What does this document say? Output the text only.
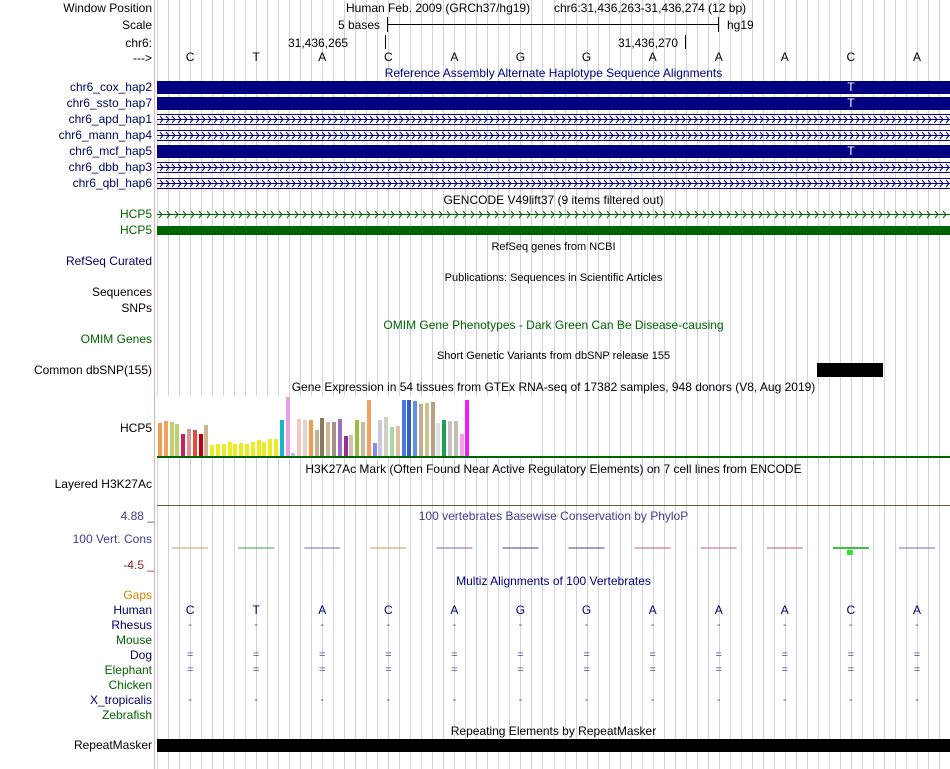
Window Position	Human Feb. 2009 (GRCh37/hg19) chr6:31,436,263-31,436,274 (12 bp)
Scale	5 bases	hg19
chr6:	31,436,265	31,436,270
--->	C	T	A	C	A	G	G	A	A	A	C	A
Reference Assembly Alternate Haplotype Sequence Alignments
chr6_cox_hap2	T
chr6_ssto_hap7	T
chr6_apd_hap1
chr6_mann_hap4
chr6_mcf_hap5	T
chr6_dbb_hap3
chr6_qbl_hap6
GENCODE V49lift37 (9 items filtered out)
HCP5
HCP5
RefSeq genes from NCBI
RefSeq Curated
Publications: Sequences in Scientific Articles
Sequences
SNPs
OMIM Gene Phenotypes - Dark Green Can Be Disease-causing
OMIM Genes
Short Genetic Variants from dbSNP release 155
Common dbSNP(155)
Gene Expression in 54 tissues from GTEx RNA-seq of 17382 samples, 948 donors (V8, Aug 2019)
HCP5
H3K27Ac Mark (Often Found Near Active Regulatory Elements) on 7 cell lines from ENCODE
Layered H3K27Ac
4.88 _	100 vertebrates Basewise Conservation by PhyloP
100 Vert. Cons
-4.5 _
Multiz Alignments of 100 Vertebrates
Gaps
Human	C	T	A	C	A	G	G	A	A	A	C	A
Rhesus	-	-	-	-	-	-	-	-	-	-	-	-
Mouse
Dog	=	=	=	=	=	=	=	=	=	=	=	=
Elephant	=	=	=	=	=	=	=	=	=	=	=	=
Chicken
X_tropicalis	-	-	-	-	-	-	-	-	-	-	-	-
Zebrafish
Repeating Elements by RepeatMasker
RepeatMasker
